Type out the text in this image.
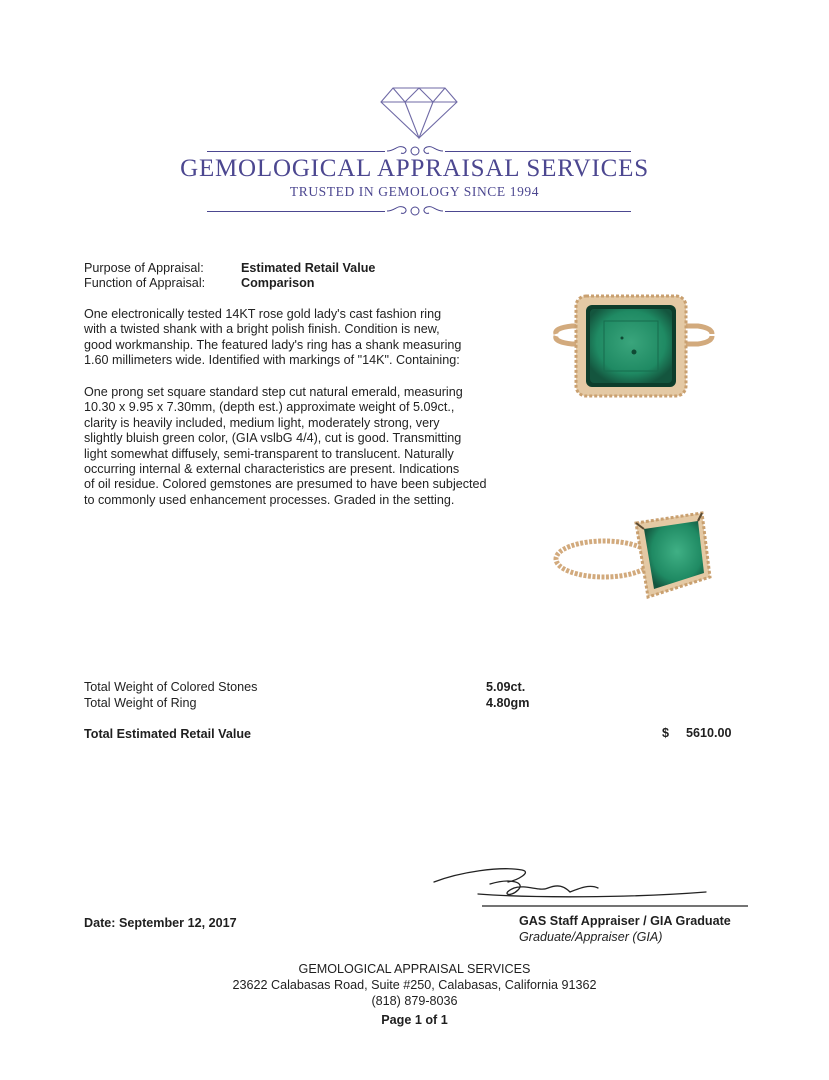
GEMOLOGICAL APPRAISAL SERVICES
TRUSTED IN GEMOLOGY SINCE 1994
Purpose of Appraisal:	Estimated Retail Value
Function of Appraisal:	Comparison
One electronically tested 14KT rose gold lady's cast fashion ring
with a twisted shank with a bright polish finish. Condition is new,
good workmanship. The featured lady's ring has a shank measuring
1.60 millimeters wide. Identified with markings of "14K". Containing:
One prong set square standard step cut natural emerald, measuring
10.30 x 9.95 x 7.30mm, (depth est.) approximate weight of 5.09ct.,
clarity is heavily included, medium light, moderately strong, very
slightly bluish green color, (GIA vslbG 4/4), cut is good. Transmitting
light somewhat diffusely, semi-transparent to translucent. Naturally
occurring internal & external characteristics are present. Indications
of oil residue. Colored gemstones are presumed to have been subjected
to commonly used enhancement processes. Graded in the setting.
Total Weight of Colored Stones	5.09ct.
Total Weight of Ring	4.80gm
Total Estimated Retail Value	$ 5610.00
Date: September 12, 2017	GAS Staff Appraiser / GIA Graduate
Graduate/Appraiser (GIA)
GEMOLOGICAL APPRAISAL SERVICES
23622 Calabasas Road, Suite #250, Calabasas, California 91362
(818) 879-8036
Page 1 of 1
